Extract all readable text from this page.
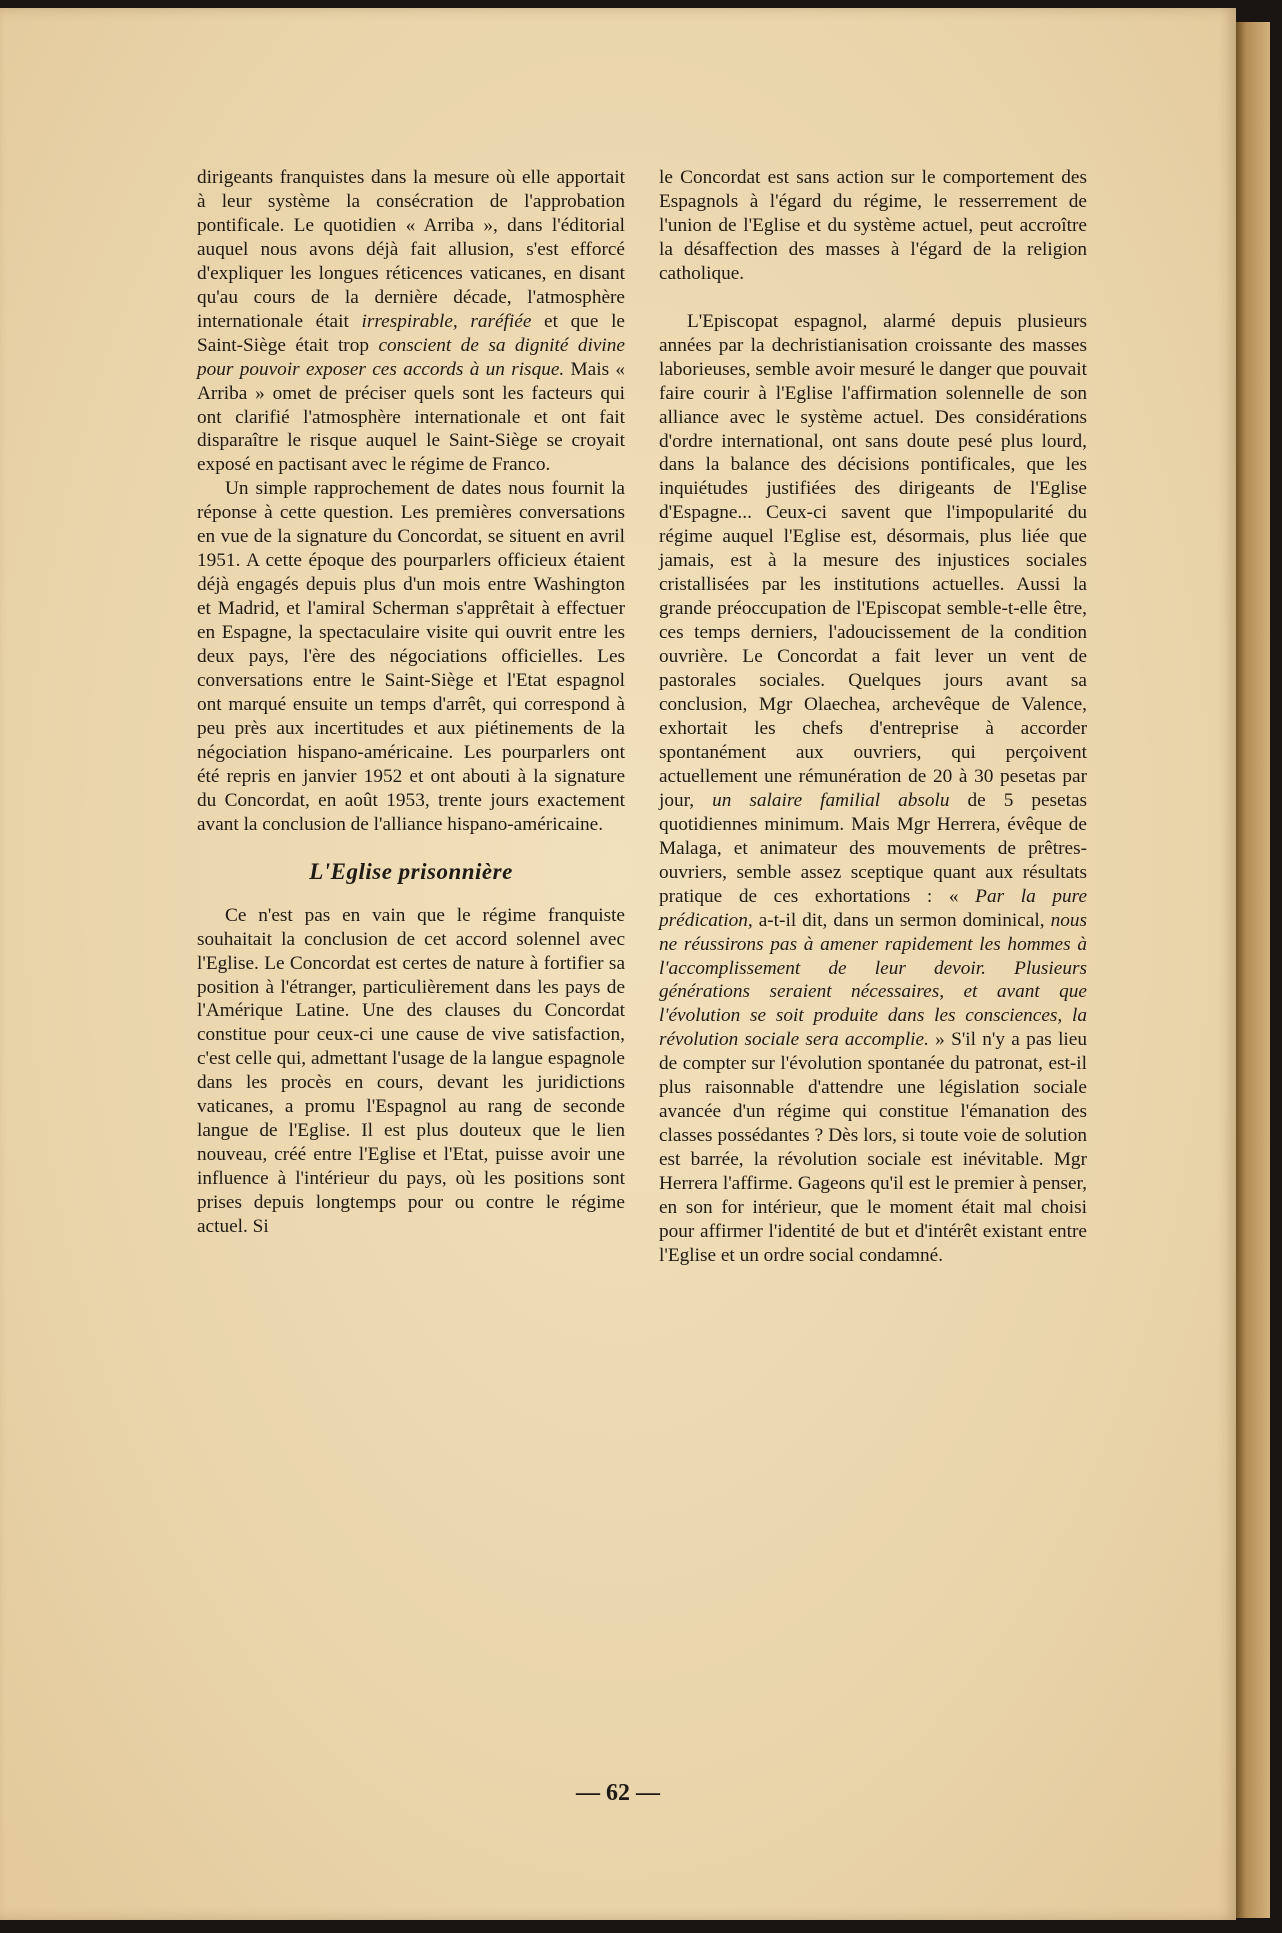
dirigeants franquistes dans la mesure où elle apportait à leur système la consécration de l'approbation pontificale. Le quotidien « Arriba », dans l'éditorial auquel nous avons déjà fait allusion, s'est efforcé d'expliquer les longues réticences vaticanes, en disant qu'au cours de la dernière décade, l'atmosphère internationale était irrespirable, raréfiée et que le Saint-Siège était trop conscient de sa dignité divine pour pouvoir exposer ces accords à un risque. Mais « Arriba » omet de préciser quels sont les facteurs qui ont clarifié l'atmosphère internationale et ont fait disparaître le risque auquel le Saint-Siège se croyait exposé en pactisant avec le régime de Franco.

Un simple rapprochement de dates nous fournit la réponse à cette question. Les premières conversations en vue de la signature du Concordat, se situent en avril 1951. A cette époque des pourparlers officieux étaient déjà engagés depuis plus d'un mois entre Washington et Madrid, et l'amiral Scherman s'apprêtait à effectuer en Espagne, la spectaculaire visite qui ouvrit entre les deux pays, l'ère des négociations officielles. Les conversations entre le Saint-Siège et l'Etat espagnol ont marqué ensuite un temps d'arrêt, qui correspond à peu près aux incertitudes et aux piétinements de la négociation hispano-américaine. Les pourparlers ont été repris en janvier 1952 et ont abouti à la signature du Concordat, en août 1953, trente jours exactement avant la conclusion de l'alliance hispano-américaine.

L'Eglise prisonnière

Ce n'est pas en vain que le régime franquiste souhaitait la conclusion de cet accord solennel avec l'Eglise. Le Concordat est certes de nature à fortifier sa position à l'étranger, particulièrement dans les pays de l'Amérique Latine. Une des clauses du Concordat constitue pour ceux-ci une cause de vive satisfaction, c'est celle qui, admettant l'usage de la langue espagnole dans les procès en cours, devant les juridictions vaticanes, a promu l'Espagnol au rang de seconde langue de l'Eglise. Il est plus douteux que le lien nouveau, créé entre l'Eglise et l'Etat, puisse avoir une influence à l'intérieur du pays, où les positions sont prises depuis longtemps pour ou contre le régime actuel. Si

le Concordat est sans action sur le comportement des Espagnols à l'égard du régime, le resserrement de l'union de l'Eglise et du système actuel, peut accroître la désaffection des masses à l'égard de la religion catholique.

L'Episcopat espagnol, alarmé depuis plusieurs années par la dechristianisation croissante des masses laborieuses, semble avoir mesuré le danger que pouvait faire courir à l'Eglise l'affirmation solennelle de son alliance avec le système actuel. Des considérations d'ordre international, ont sans doute pesé plus lourd, dans la balance des décisions pontificales, que les inquiétudes justifiées des dirigeants de l'Eglise d'Espagne... Ceux-ci savent que l'impopularité du régime auquel l'Eglise est, désormais, plus liée que jamais, est à la mesure des injustices sociales cristallisées par les institutions actuelles. Aussi la grande préoccupation de l'Episcopat semble-t-elle être, ces temps derniers, l'adoucissement de la condition ouvrière. Le Concordat a fait lever un vent de pastorales sociales. Quelques jours avant sa conclusion, Mgr Olaechea, archevêque de Valence, exhortait les chefs d'entreprise à accorder spontanément aux ouvriers, qui perçoivent actuellement une rémunération de 20 à 30 pesetas par jour, un salaire familial absolu de 5 pesetas quotidiennes minimum. Mais Mgr Herrera, évêque de Malaga, et animateur des mouvements de prêtres-ouvriers, semble assez sceptique quant aux résultats pratique de ces exhortations : « Par la pure prédication, a-t-il dit, dans un sermon dominical, nous ne réussirons pas à amener rapidement les hommes à l'accomplissement de leur devoir. Plusieurs générations seraient nécessaires, et avant que l'évolution se soit produite dans les consciences, la révolution sociale sera accomplie. » S'il n'y a pas lieu de compter sur l'évolution spontanée du patronat, est-il plus raisonnable d'attendre une législation sociale avancée d'un régime qui constitue l'émanation des classes possédantes ? Dès lors, si toute voie de solution est barrée, la révolution sociale est inévitable. Mgr Herrera l'affirme. Gageons qu'il est le premier à penser, en son for intérieur, que le moment était mal choisi pour affirmer l'identité de but et d'intérêt existant entre l'Eglise et un ordre social condamné.

— 62 —
